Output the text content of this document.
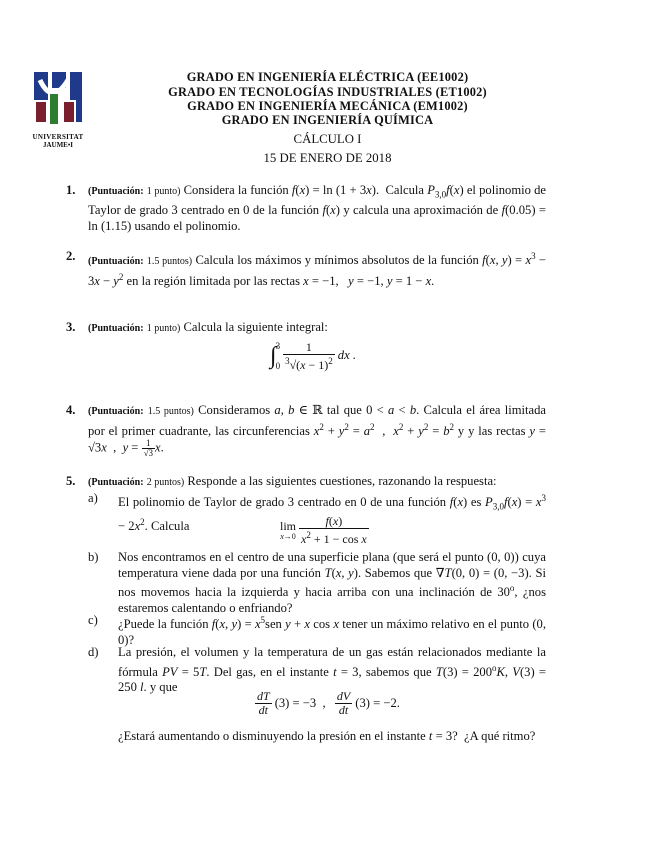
UNIVERSITAT
JAUME•I
GRADO EN INGENIERÍA ELÉCTRICA (EE1002)
GRADO EN TECNOLOGÍAS INDUSTRIALES (ET1002)
GRADO EN INGENIERÍA MECÁNICA (EM1002)
GRADO EN INGENIERÍA QUÍMICA
CÁLCULO I
15 DE ENERO DE 2018
1. (Puntuación: 1 punto) Considera la función f(x) = ln (1 + 3x).  Calcula $P_{3,0}f(x)$ el polinomio de Taylor de grado 3 centrado en 0 de la función f(x) y calcula una aproximación de f(0.05) = ln (1.15) usando el polinomio.
2. (Puntuación: 1.5 puntos) Calcula los máximos y mínimos absolutos de la función f(x, $y) = x^3 - 3x - y^2$ en la región limitada por las rectas x = −1,   y = −1, y = 1 − x.
3. (Puntuación: 1 punto) Calcula la siguiente integral:
∫ 3
$0 \frac{1}{^3√(x - 1)^2}$ dx .
4. (Puntuación: 1.5 puntos) Consideramos a, b ∈ ℝ tal que 0 < a < b. Calcula el área limitada por el primer cuadrante, las circunferencias $x^2 + y^2 = a^2$  ,  $x^2 + y^2 = b^2$ y y las rectas y = √3x  ,  $y = \frac{1}{√3} x$.
5. (Puntuación: 2 puntos) Responde a las siguientes cuestiones, razonando la respuesta:
a) El polinomio de Taylor de grado 3 centrado en 0 de una función f(x) es $P_{3,0}f(x) = x^3 - 2x^2$. Calcula	lim
$x\to 0 \frac{f(x)}{x^2 + 1 - \cos x}$
b) Nos encontramos en el centro de una superficie plana (que será el punto (0, 0)) cuya temperatura viene dada por una función T(x, y). Sabemos que ∇T(0, 0) = (0, −3). Si nos movemos hacia la izquierda y hacia arriba con una inclinación de 30$^o$, ¿nos estaremos calentando o enfriando?
c) ¿Puede la función f(x, $y) = x^5sen$ y + x cos x tener un máximo relativo en el punto (0, 0)?
d) La presión, el volumen y la temperatura de un gas están relacionados mediante la fórmula PV = 5T. Del gas, en el instante t = 3, sabemos que $T(3) = 200^oK$, V(3) = 250 l. y que
$\frac{dT}{dt} (3) = -3$  , $\frac{dV}{dt} (3) = -2$.
¿Estará aumentando o disminuyendo la presión en el instante t = 3?  ¿A qué ritmo?
